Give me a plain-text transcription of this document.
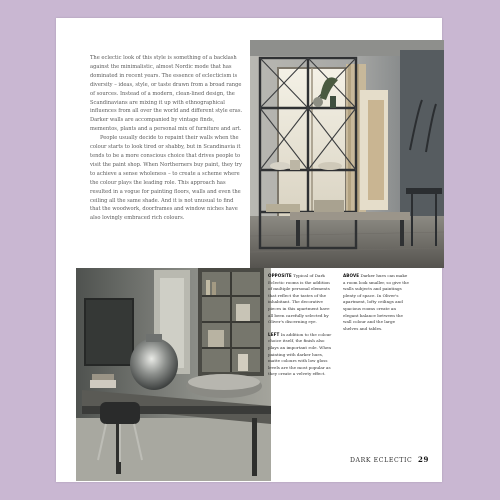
The eclectic look of this style is something of a backlash against the minimalistic, almost Nordic mode that has dominated in recent years. The essence of eclecticism is diversity – ideas, style, or taste drawn from a broad range of sources. Instead of a modern, clean-lined design, the Scandinavians are mixing it up with ethnographical influences from all over the world and different style eras. Darker walls are accompanied by vintage finds, mementos, plants and a personal mix of furniture and art.

People usually decide to repaint their walls when the colour starts to look tired or shabby, but in Scandinavia it tends to be a more conscious choice that drives people to visit the paint shop. When Northerners buy paint, they try to achieve a sense wholeness – to create a scheme where the colour plays the leading role. This approach has resulted in a vogue for painting floors, walls and even the ceiling all the same shade. And it is not unusual to find that the woodwork, doorframes and window niches have also lovingly embraced rich colours.

OPPOSITE Typical of Dark Eclectic rooms is the addition of multiple personal elements that reflect the tastes of the inhabitant. The decorative pieces in this apartment have all been carefully selected by Oliver's discerning eye.

LEFT In addition to the colour choice itself, the finish also plays an important role. When painting with darker hues, matte colours with low gloss levels are the most popular as they create a velvety effect.

ABOVE Darker hues can make a room look smaller, so give the walls subjects and paintings plenty of space. In Oliver's apartment, lofty ceilings and spacious rooms create an elegant balance between the wall colour and the large shelves and tables.

DARK ECLECTIC 29
